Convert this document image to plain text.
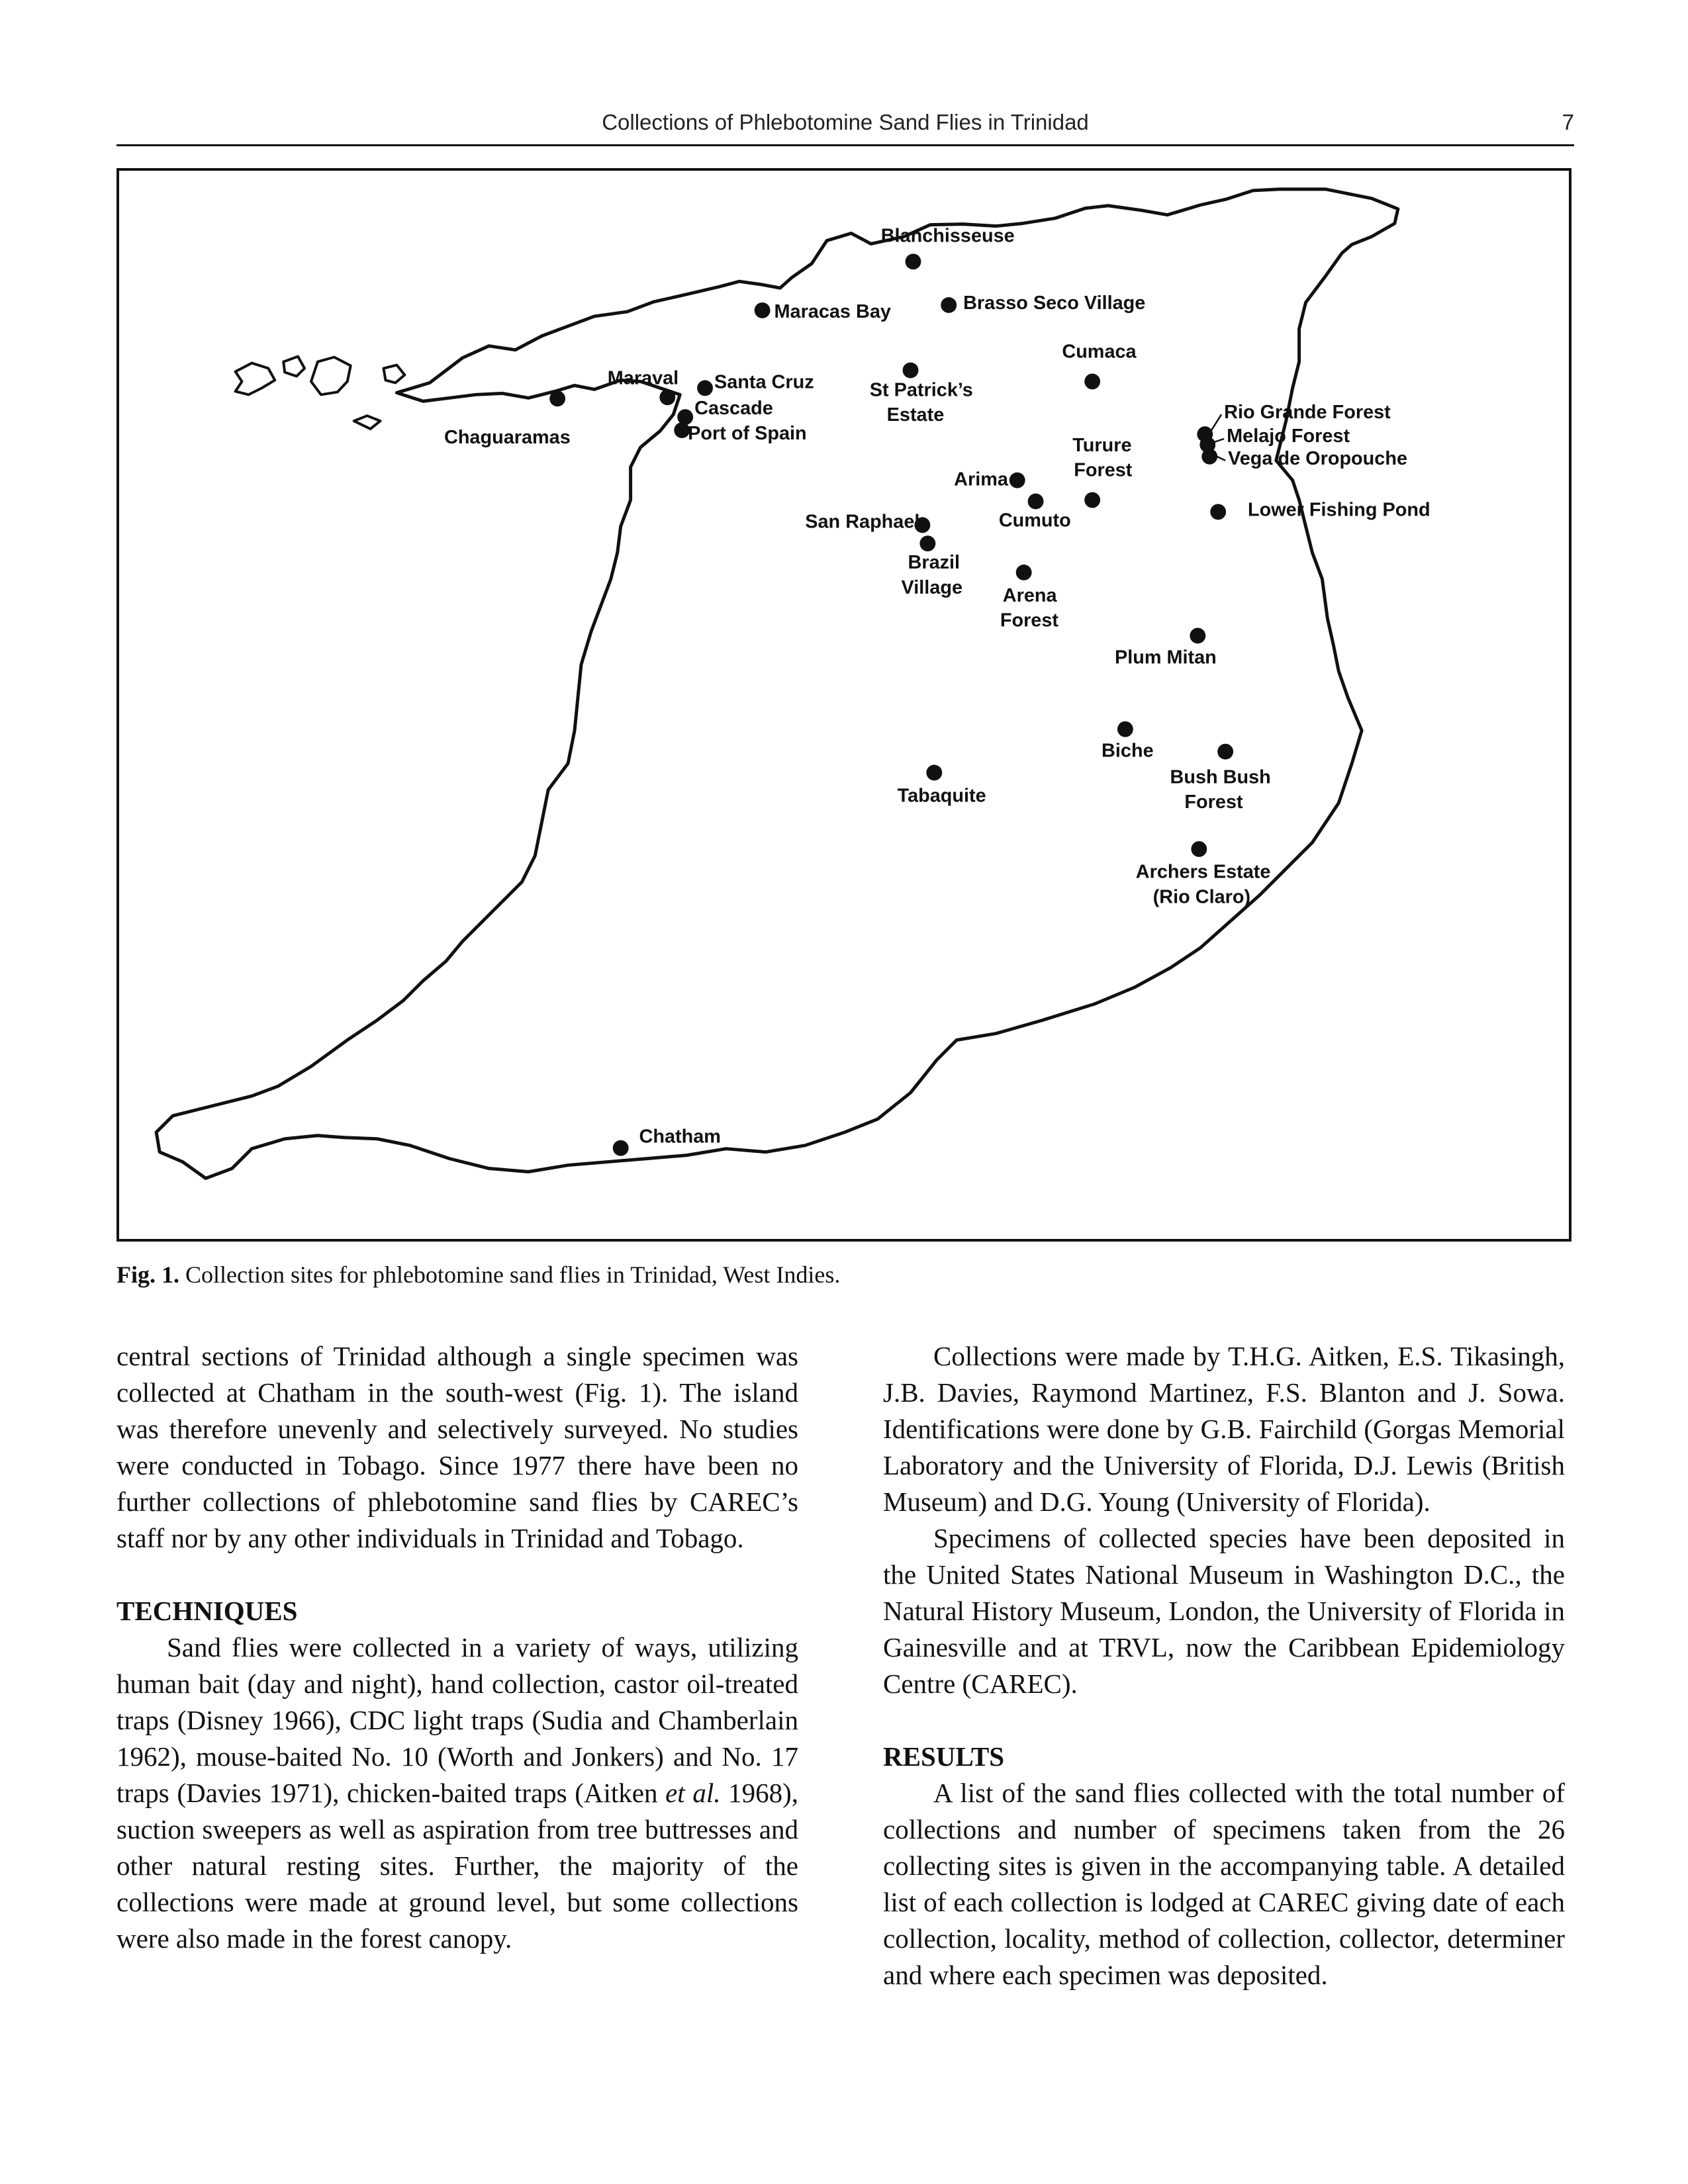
Collections of Phlebotomine Sand Flies in Trinidad	7
Blanchisseuse
Maracas Bay	Brasso Seco Village
Cumaca
Maraval Santa Cruz
Cascade
Port of Spain
Chaguaramas
St Patrick’s
Estate
Turure
Forest
Arima
Rio Grande Forest
Melajo Forest
Vega de Oropouche
Lower Fishing Pond
San Raphael	Cumuto
Brazil
Village Arena
Forest
Plum Mitan
Biche
Bush Bush
Forest
Tabaquite
Archers Estate
(Rio Claro)
Chatham
Fig. 1. Collection sites for phlebotomine sand flies in Trinidad, West Indies.

central sections of Trinidad although a single specimen was collected at Chatham in the south-west (Fig. 1). The island was therefore unevenly and selectively surveyed. No studies were conducted in Tobago. Since 1977 there have been no further collections of phlebotomine sand flies by CAREC’s staff nor by any other individuals in Trinidad and Tobago.

TECHNIQUES

Sand flies were collected in a variety of ways, utilizing human bait (day and night), hand collection, castor oil-treated traps (Disney 1966), CDC light traps (Sudia and Chamberlain 1962), mouse-baited No. 10 (Worth and Jonkers) and No. 17 traps (Davies 1971), chicken-baited traps (Aitken et al. 1968), suction sweepers as well as aspiration from tree buttresses and other natural resting sites. Further, the majority of the collections were made at ground level, but some collections were also made in the forest canopy.

Collections were made by T.H.G. Aitken, E.S. Tikasingh, J.B. Davies, Raymond Martinez, F.S. Blanton and J. Sowa. Identifications were done by G.B. Fairchild (Gorgas Memorial Laboratory and the University of Florida, D.J. Lewis (British Museum) and D.G. Young (University of Florida).

Specimens of collected species have been deposited in the United States National Museum in Washington D.C., the Natural History Museum, London, the University of Florida in Gainesville and at TRVL, now the Caribbean Epidemiology Centre (CAREC).

RESULTS

A list of the sand flies collected with the total number of collections and number of specimens taken from the 26 collecting sites is given in the accompanying table. A detailed list of each collection is lodged at CAREC giving date of each collection, locality, method of collection, collector, determiner and where each specimen was deposited.
